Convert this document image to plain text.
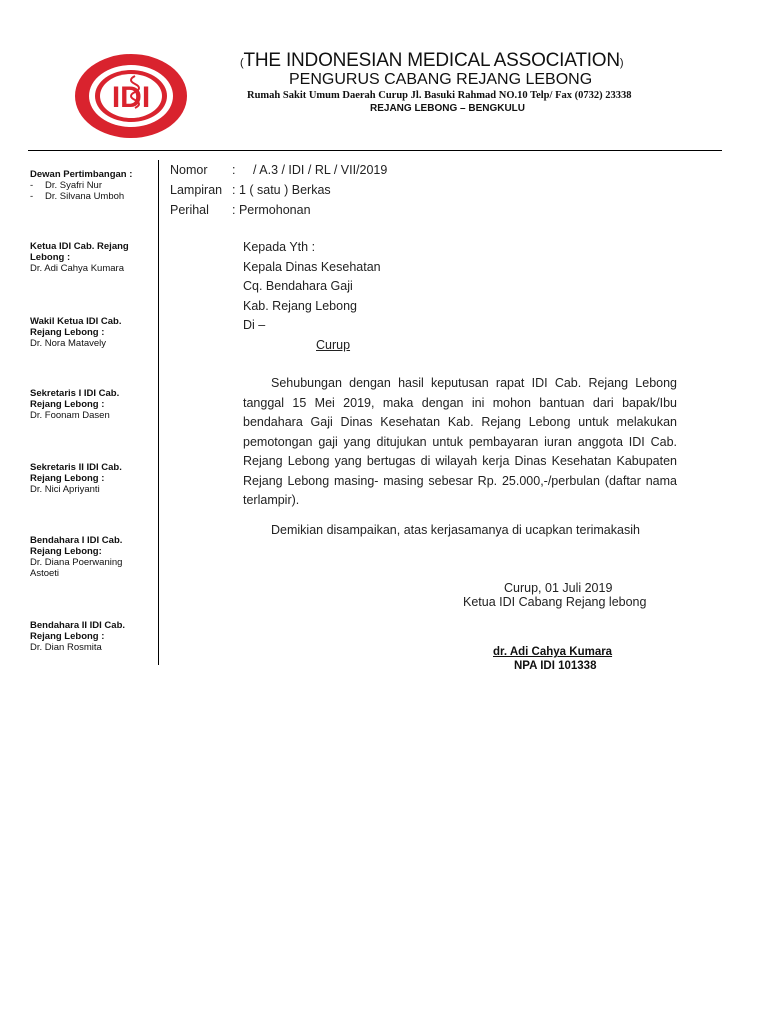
IDI
(THE INDONESIAN MEDICAL ASSOCIATION)
PENGURUS CABANG REJANG LEBONG
Rumah Sakit Umum Daerah Curup Jl. Basuki Rahmad NO.10 Telp/ Fax (0732) 23338
REJANG LEBONG – BENGKULU
Dewan Pertimbangan :
- Dr. Syafri Nur
- Dr. Silvana Umboh
Ketua IDI Cab. Rejang
Lebong :
Dr. Adi Cahya Kumara
Wakil Ketua IDI Cab.
Rejang Lebong :
Dr. Nora Matavely
Sekretaris I IDI Cab.
Rejang Lebong :
Dr. Foonam Dasen
Sekretaris II IDI Cab.
Rejang Lebong :
Dr. Nici Apriyanti
Bendahara I IDI Cab.
Rejang Lebong:
Dr. Diana Poerwaning
Astoeti
Bendahara II IDI Cab.
Rejang Lebong :
Dr. Dian Rosmita
Nomor : / A.3 / IDI / RL / VII/2019
Lampiran : 1 ( satu ) Berkas
Perihal : Permohonan
Kepada Yth :
Kepala Dinas Kesehatan
Cq. Bendahara Gaji
Kab. Rejang Lebong
Di –
Curup
Sehubungan dengan hasil keputusan rapat IDI Cab. Rejang Lebong tanggal 15 Mei 2019, maka dengan ini mohon bantuan dari bapak/Ibu bendahara Gaji Dinas Kesehatan Kab. Rejang Lebong untuk melakukan pemotongan gaji yang ditujukan untuk pembayaran iuran anggota IDI Cab. Rejang Lebong yang bertugas di wilayah kerja Dinas Kesehatan Kabupaten Rejang Lebong masing- masing sebesar Rp. 25.000,-/perbulan (daftar nama terlampir).
Demikian disampaikan, atas kerjasamanya di ucapkan terimakasih
Curup, 01 Juli 2019
Ketua IDI Cabang Rejang lebong
dr. Adi Cahya Kumara
NPA IDI 101338
